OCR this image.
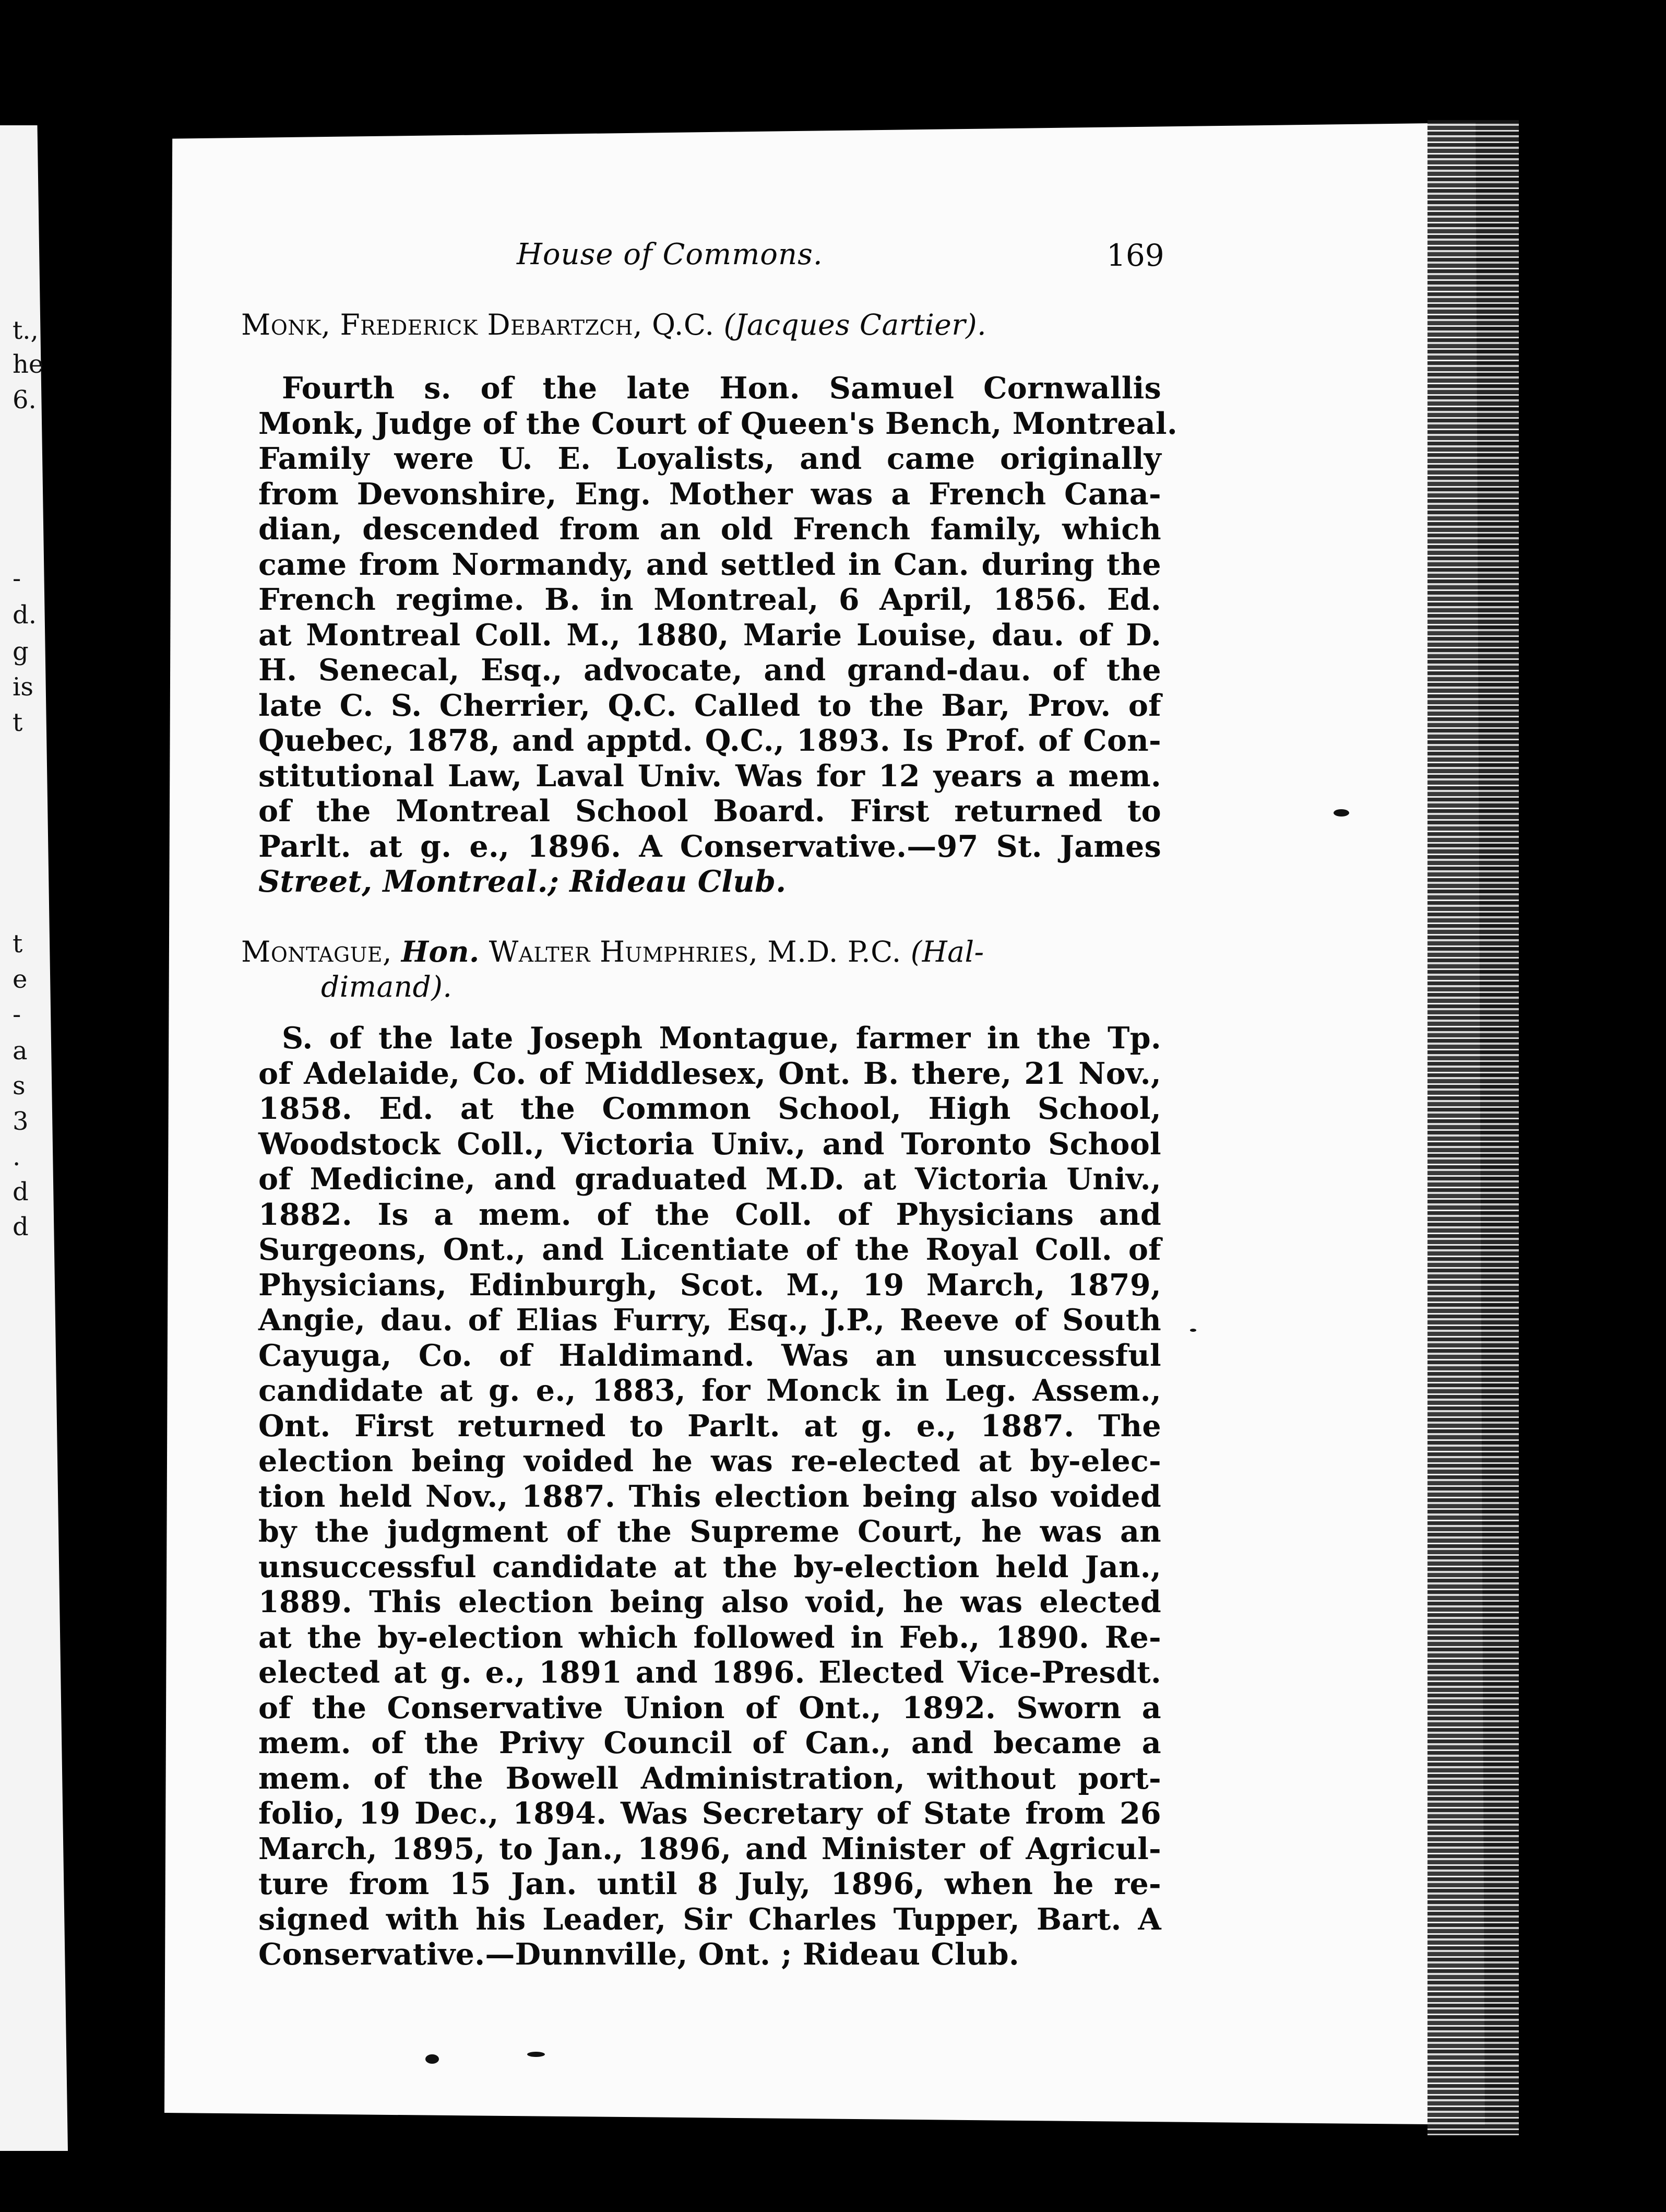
t.,
he
6.
-
d.
g
is
t
t
e
-
a
s
3
.
d
d
House of Commons.	169
Monk, Frederick Debartzch, Q.C. (Jacques Cartier).
Fourth s. of the late Hon. Samuel Cornwallis
Monk, Judge of the Court of Queen's Bench, Montreal.
Family were U. E. Loyalists, and came originally
from Devonshire, Eng. Mother was a French Cana-
dian, descended from an old French family, which
came from Normandy, and settled in Can. during the
French regime. B. in Montreal, 6 April, 1856. Ed.
at Montreal Coll. M., 1880, Marie Louise, dau. of D.
H. Senecal, Esq., advocate, and grand-dau. of the
late C. S. Cherrier, Q.C. Called to the Bar, Prov. of
Quebec, 1878, and apptd. Q.C., 1893. Is Prof. of Con-
stitutional Law, Laval Univ. Was for 12 years a mem.
of the Montreal School Board. First returned to
Parlt. at g. e., 1896. A Conservative.—97 St. James
Street, Montreal.; Rideau Club.
Montague, Hon. Walter Humphries, M.D. P.C. (Hal-
dimand).
S. of the late Joseph Montague, farmer in the Tp.
of Adelaide, Co. of Middlesex, Ont. B. there, 21 Nov.,
1858. Ed. at the Common School, High School,
Woodstock Coll., Victoria Univ., and Toronto School
of Medicine, and graduated M.D. at Victoria Univ.,
1882. Is a mem. of the Coll. of Physicians and
Surgeons, Ont., and Licentiate of the Royal Coll. of
Physicians, Edinburgh, Scot. M., 19 March, 1879,
Angie, dau. of Elias Furry, Esq., J.P., Reeve of South
Cayuga, Co. of Haldimand. Was an unsuccessful
candidate at g. e., 1883, for Monck in Leg. Assem.,
Ont. First returned to Parlt. at g. e., 1887. The
election being voided he was re-elected at by-elec-
tion held Nov., 1887. This election being also voided
by the judgment of the Supreme Court, he was an
unsuccessful candidate at the by-election held Jan.,
1889. This election being also void, he was elected
at the by-election which followed in Feb., 1890. Re-
elected at g. e., 1891 and 1896. Elected Vice-Presdt.
of the Conservative Union of Ont., 1892. Sworn a
mem. of the Privy Council of Can., and became a
mem. of the Bowell Administration, without port-
folio, 19 Dec., 1894. Was Secretary of State from 26
March, 1895, to Jan., 1896, and Minister of Agricul-
ture from 15 Jan. until 8 July, 1896, when he re-
signed with his Leader, Sir Charles Tupper, Bart. A
Conservative.—Dunnville, Ont. ; Rideau Club.
